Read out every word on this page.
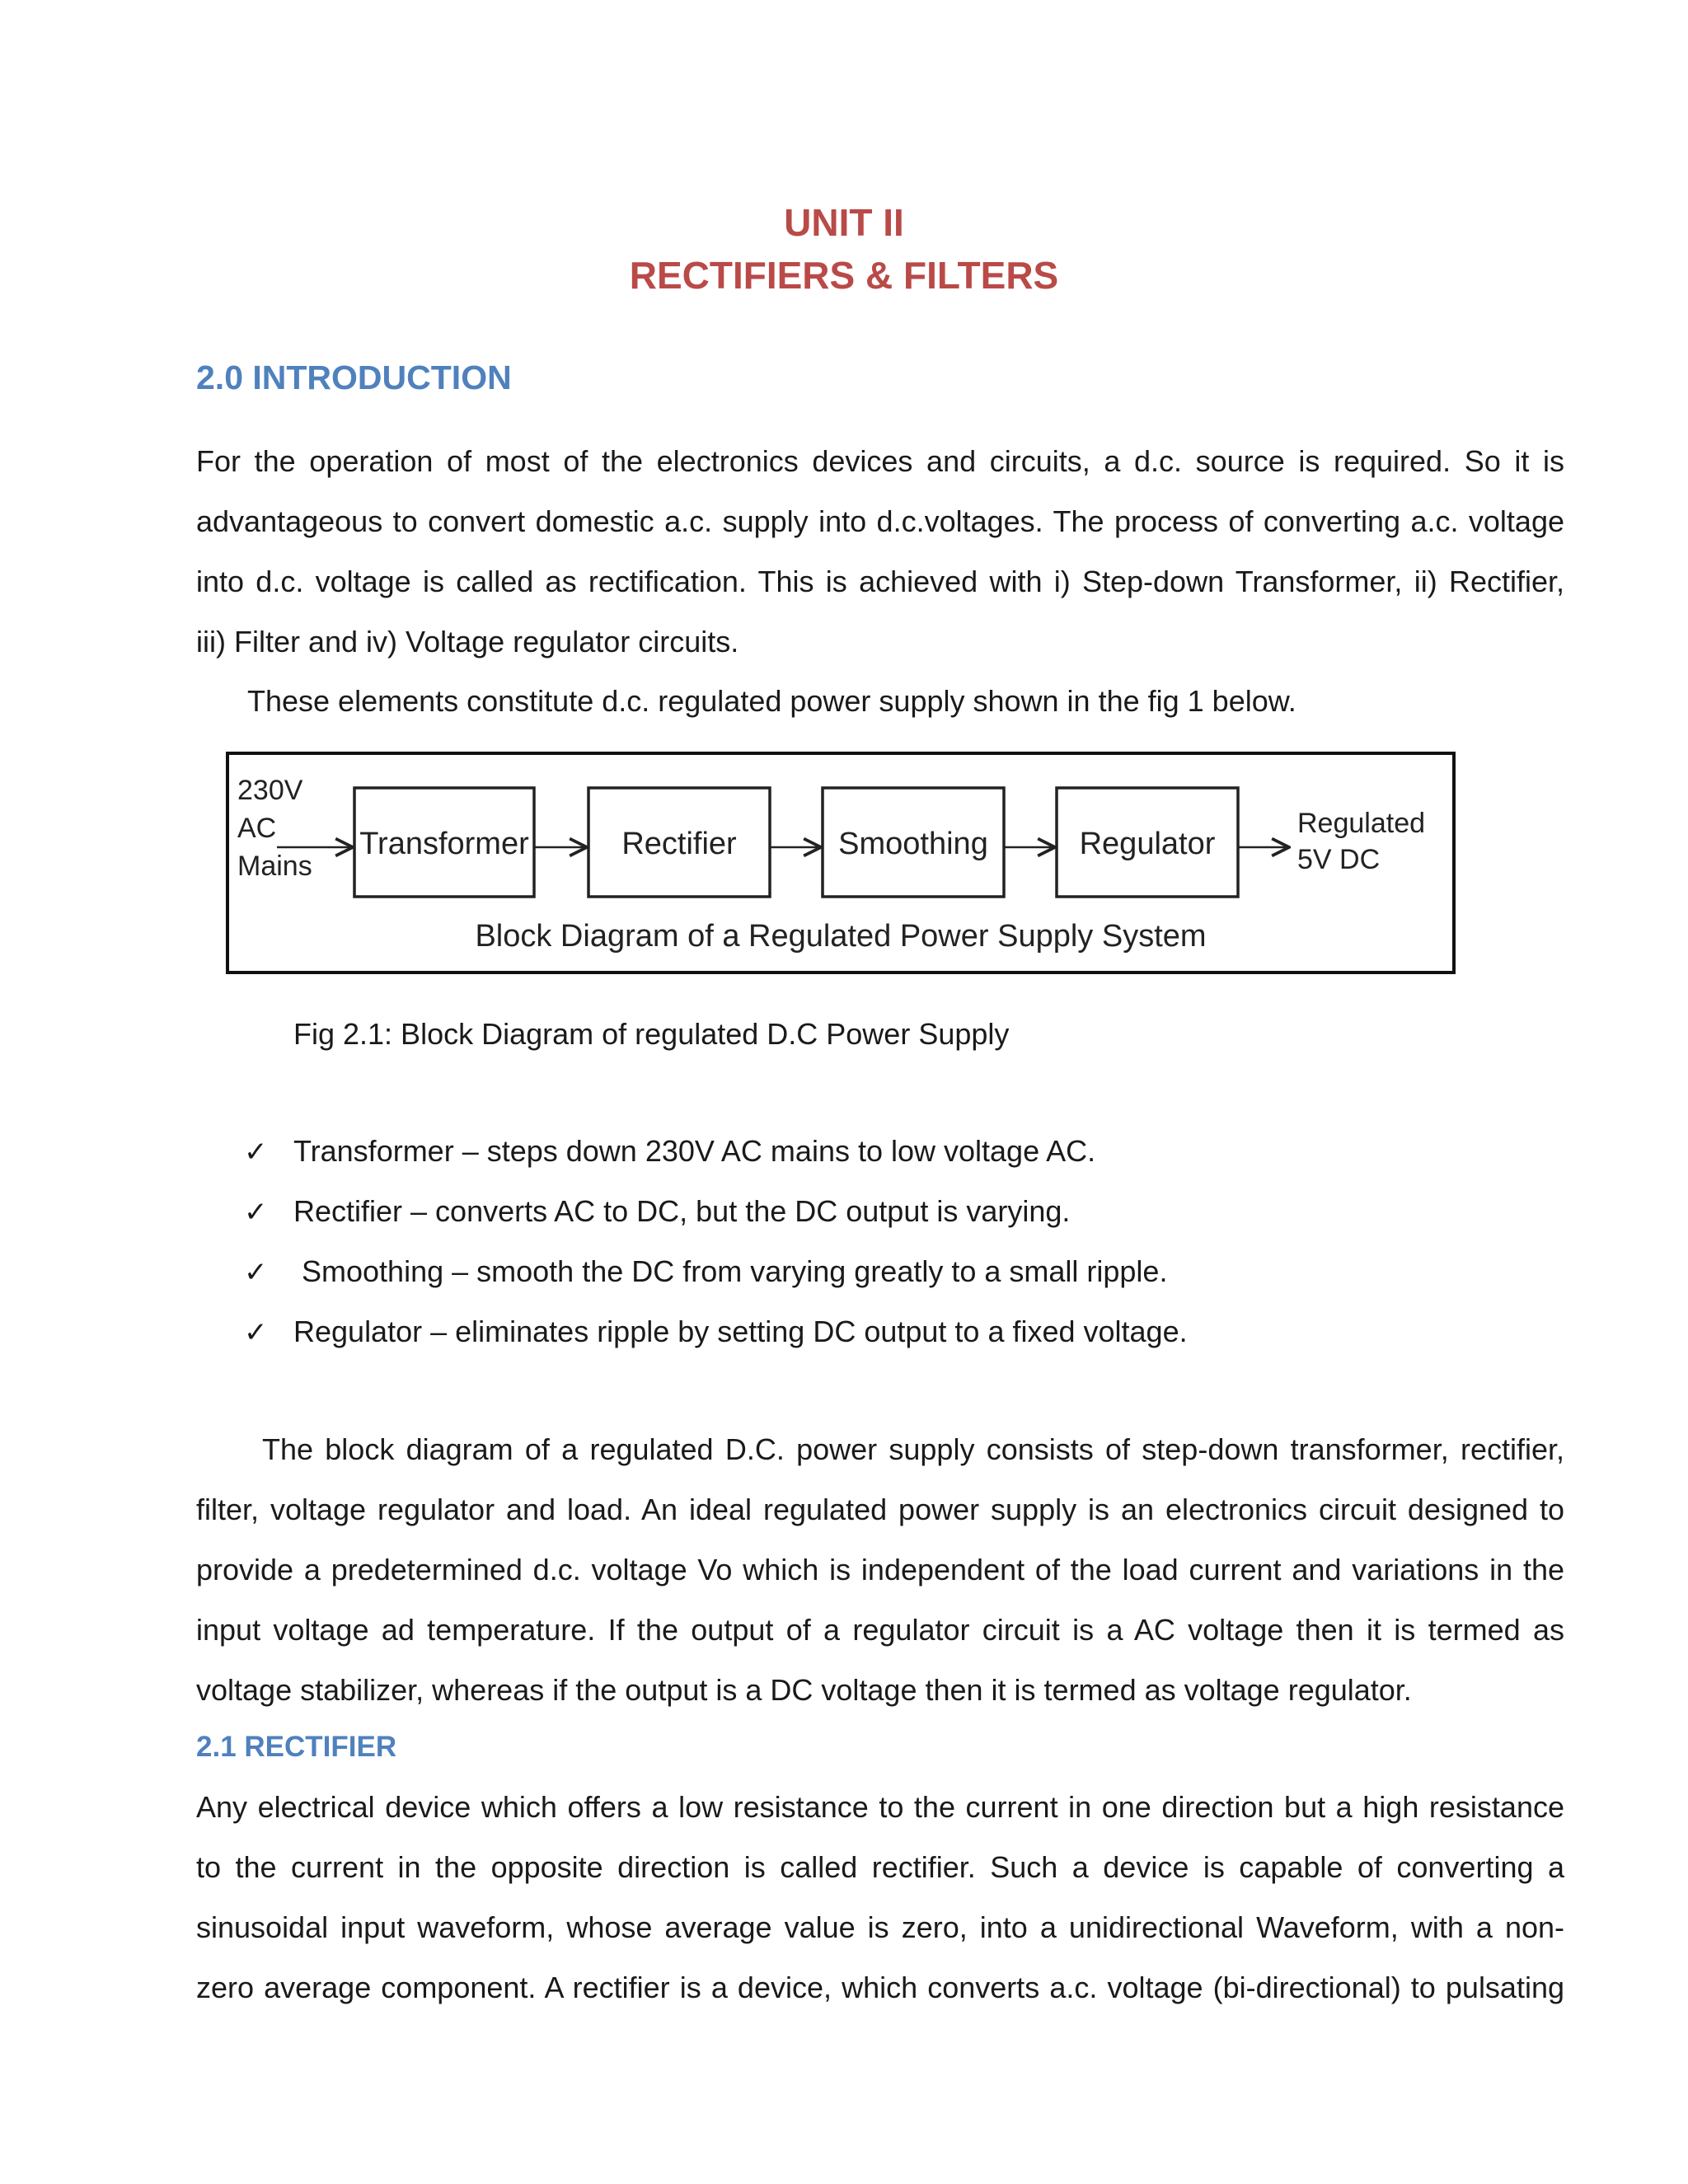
UNIT II
RECTIFIERS & FILTERS
2.0 INTRODUCTION
For the operation of most of the electronics devices and circuits, a d.c. source is required. So it is
advantageous to convert domestic a.c. supply into d.c.voltages. The process of converting a.c. voltage
into d.c. voltage is called as rectification. This is achieved with i) Step-down Transformer, ii) Rectifier,
iii) Filter and iv) Voltage regulator circuits.
These elements constitute d.c. regulated power supply shown in the fig 1 below.
230V
AC
Mains
Transformer	Rectifier	Smoothing	Regulator
Regulated
5V DC
Block Diagram of a Regulated Power Supply System
Fig 2.1: Block Diagram of regulated D.C Power Supply
✓ Transformer – steps down 230V AC mains to low voltage AC.
✓ Rectifier – converts AC to DC, but the DC output is varying.
✓ Smoothing – smooth the DC from varying greatly to a small ripple.
✓ Regulator – eliminates ripple by setting DC output to a fixed voltage.
The block diagram of a regulated D.C. power supply consists of step-down transformer, rectifier,
filter, voltage regulator and load. An ideal regulated power supply is an electronics circuit designed to
provide a predetermined d.c. voltage Vo which is independent of the load current and variations in the
input voltage ad temperature. If the output of a regulator circuit is a AC voltage then it is termed as
voltage stabilizer, whereas if the output is a DC voltage then it is termed as voltage regulator.
2.1 RECTIFIER
Any electrical device which offers a low resistance to the current in one direction but a high resistance
to the current in the opposite direction is called rectifier. Such a device is capable of converting a
sinusoidal input waveform, whose average value is zero, into a unidirectional Waveform, with a non-
zero average component. A rectifier is a device, which converts a.c. voltage (bi-directional) to pulsating
